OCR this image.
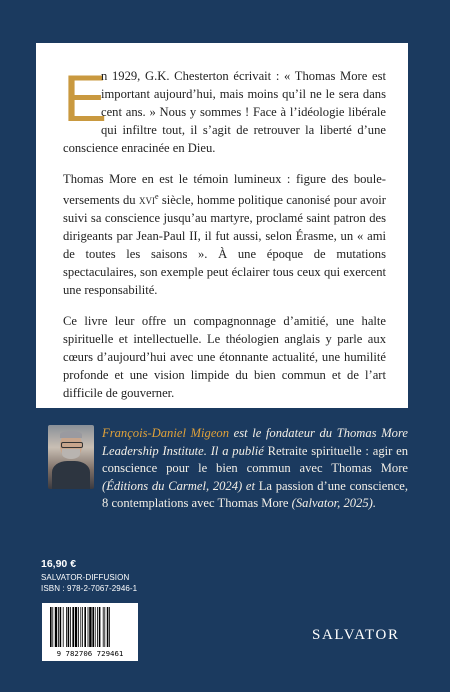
E
n 1929, G.K. Chesterton écrivait : « Thomas More est important aujourd’hui, mais moins qu’il ne le sera dans cent ans. » Nous y sommes ! Face à l’idéologie libérale qui infiltre tout, il s’agit de retrouver la liberté d’une conscience enracinée en Dieu.

Thomas More en est le témoin lumineux : figure des boule-versements du xvi$^e$ siècle, homme politique canonisé pour avoir suivi sa conscience jusqu’au martyre, proclamé saint patron des dirigeants par Jean-Paul II, il fut aussi, selon Érasme, un « ami de toutes les saisons ». À une époque de mutations spectaculaires, son exemple peut éclairer tous ceux qui exercent une responsabilité.

Ce livre leur offre un compagnonnage d’amitié, une halte spirituelle et intellectuelle. Le théologien anglais y parle aux cœurs d’aujourd’hui avec une étonnante actualité, une humilité profonde et une vision limpide du bien commun et de l’art difficile de gouverner.

François-Daniel Migeon est le fondateur du Thomas More Leadership Institute. Il a publié Retraite spirituelle : agir en conscience pour le bien commun avec Thomas More (Éditions du Carmel, 2024) et La passion d’une conscience, 8 contemplations avec Thomas More (Salvator, 2025).
16,90 €
SALVATOR-DIFFUSION
ISBN : 978-2-7067-2946-1
9 782706 729461
SALVATOR
